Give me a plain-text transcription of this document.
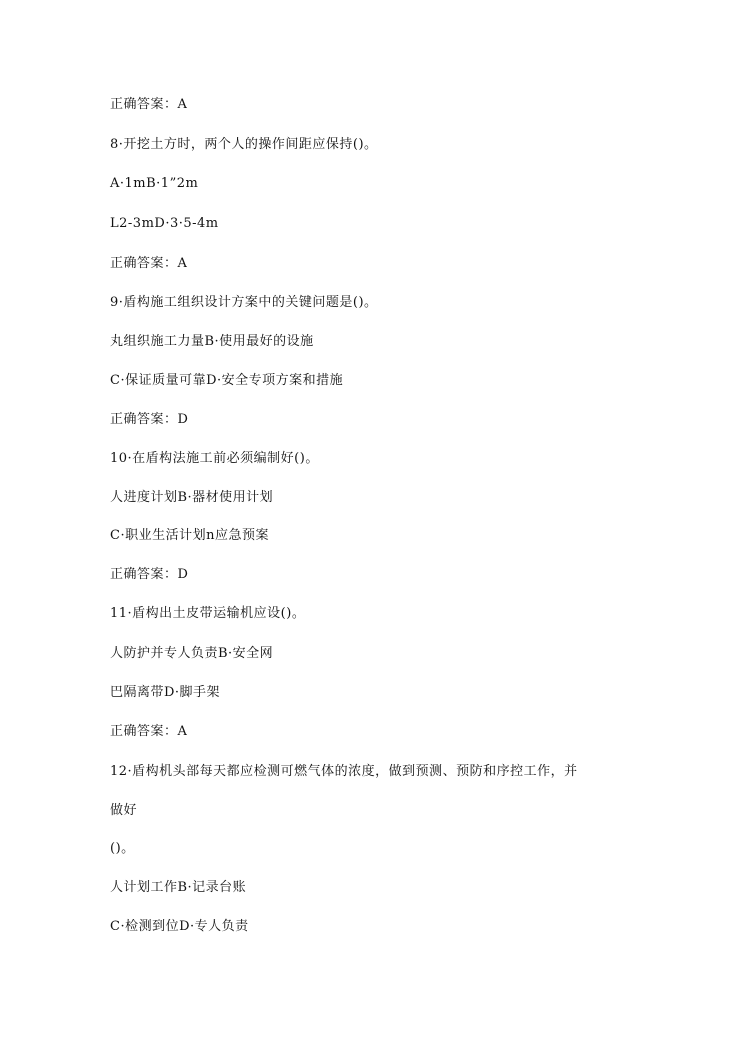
正确答案：A
8·开挖土方时，两个人的操作间距应保持()。
A·1mB·1”2m
L2-3mD·3·5-4m
正确答案：A
9·盾构施工组织设计方案中的关键问题是()。
丸组织施工力量B·使用最好的设施
C·保证质量可靠D·安全专项方案和措施
正确答案：D
10·在盾构法施工前必须编制好()。
人进度计划B·器材使用计划
C·职业生活计划n应急预案
正确答案：D
11·盾构出土皮带运输机应设()。
人防护并专人负责B·安全网
巴隔离带D·脚手架
正确答案：A
12·盾构机头部每天都应检测可燃气体的浓度，做到预测、预防和序控工作，并
做好
()。
人计划工作B·记录台账
C·检测到位D·专人负责
